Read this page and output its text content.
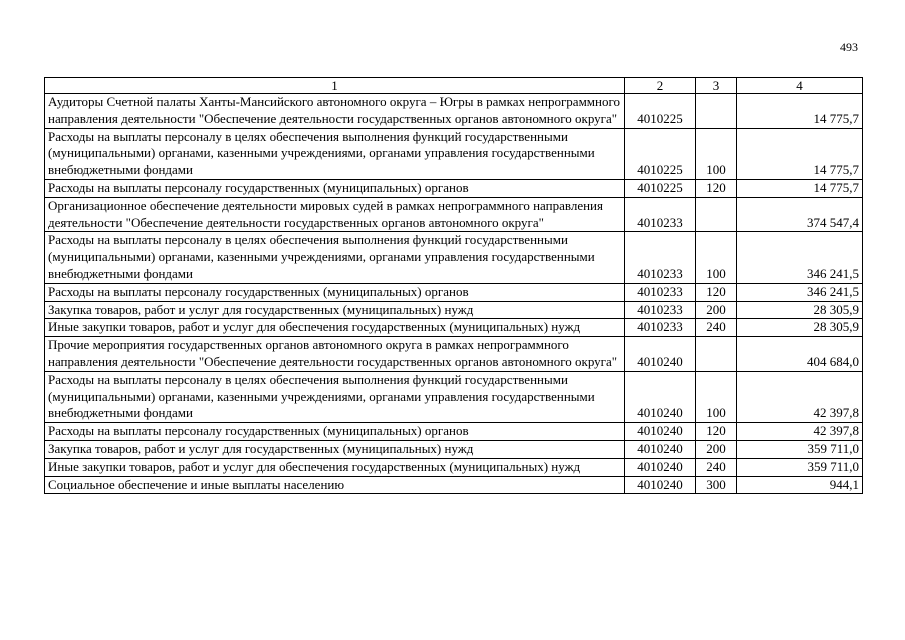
493
1	2	3	4
Аудиторы Счетной палаты Ханты-Мансийского автономного округа – Югры в рамках непрограммного направления деятельности "Обеспечение деятельности государственных органов автономного округа"	4010225		14 775,7
Расходы на выплаты персоналу в целях обеспечения выполнения функций государственными (муниципальными) органами, казенными учреждениями, органами управления государственными внебюджетными фондами	4010225	100	14 775,7
Расходы на выплаты персоналу государственных (муниципальных) органов	4010225	120	14 775,7
Организационное обеспечение деятельности мировых судей в рамках непрограммного направления деятельности "Обеспечение деятельности государственных органов автономного округа"	4010233		374 547,4
Расходы на выплаты персоналу в целях обеспечения выполнения функций государственными (муниципальными) органами, казенными учреждениями, органами управления государственными внебюджетными фондами	4010233	100	346 241,5
Расходы на выплаты персоналу государственных (муниципальных) органов	4010233	120	346 241,5
Закупка товаров, работ и услуг для государственных (муниципальных) нужд	4010233	200	28 305,9
Иные закупки товаров, работ и услуг для обеспечения государственных (муниципальных) нужд	4010233	240	28 305,9
Прочие мероприятия государственных органов автономного округа в рамках непрограммного направления деятельности "Обеспечение деятельности государственных органов автономного округа"	4010240		404 684,0
Расходы на выплаты персоналу в целях обеспечения выполнения функций государственными (муниципальными) органами, казенными учреждениями, органами управления государственными внебюджетными фондами	4010240	100	42 397,8
Расходы на выплаты персоналу государственных (муниципальных) органов	4010240	120	42 397,8
Закупка товаров, работ и услуг для государственных (муниципальных) нужд	4010240	200	359 711,0
Иные закупки товаров, работ и услуг для обеспечения государственных (муниципальных) нужд	4010240	240	359 711,0
Социальное обеспечение и иные выплаты населению	4010240	300	944,1
